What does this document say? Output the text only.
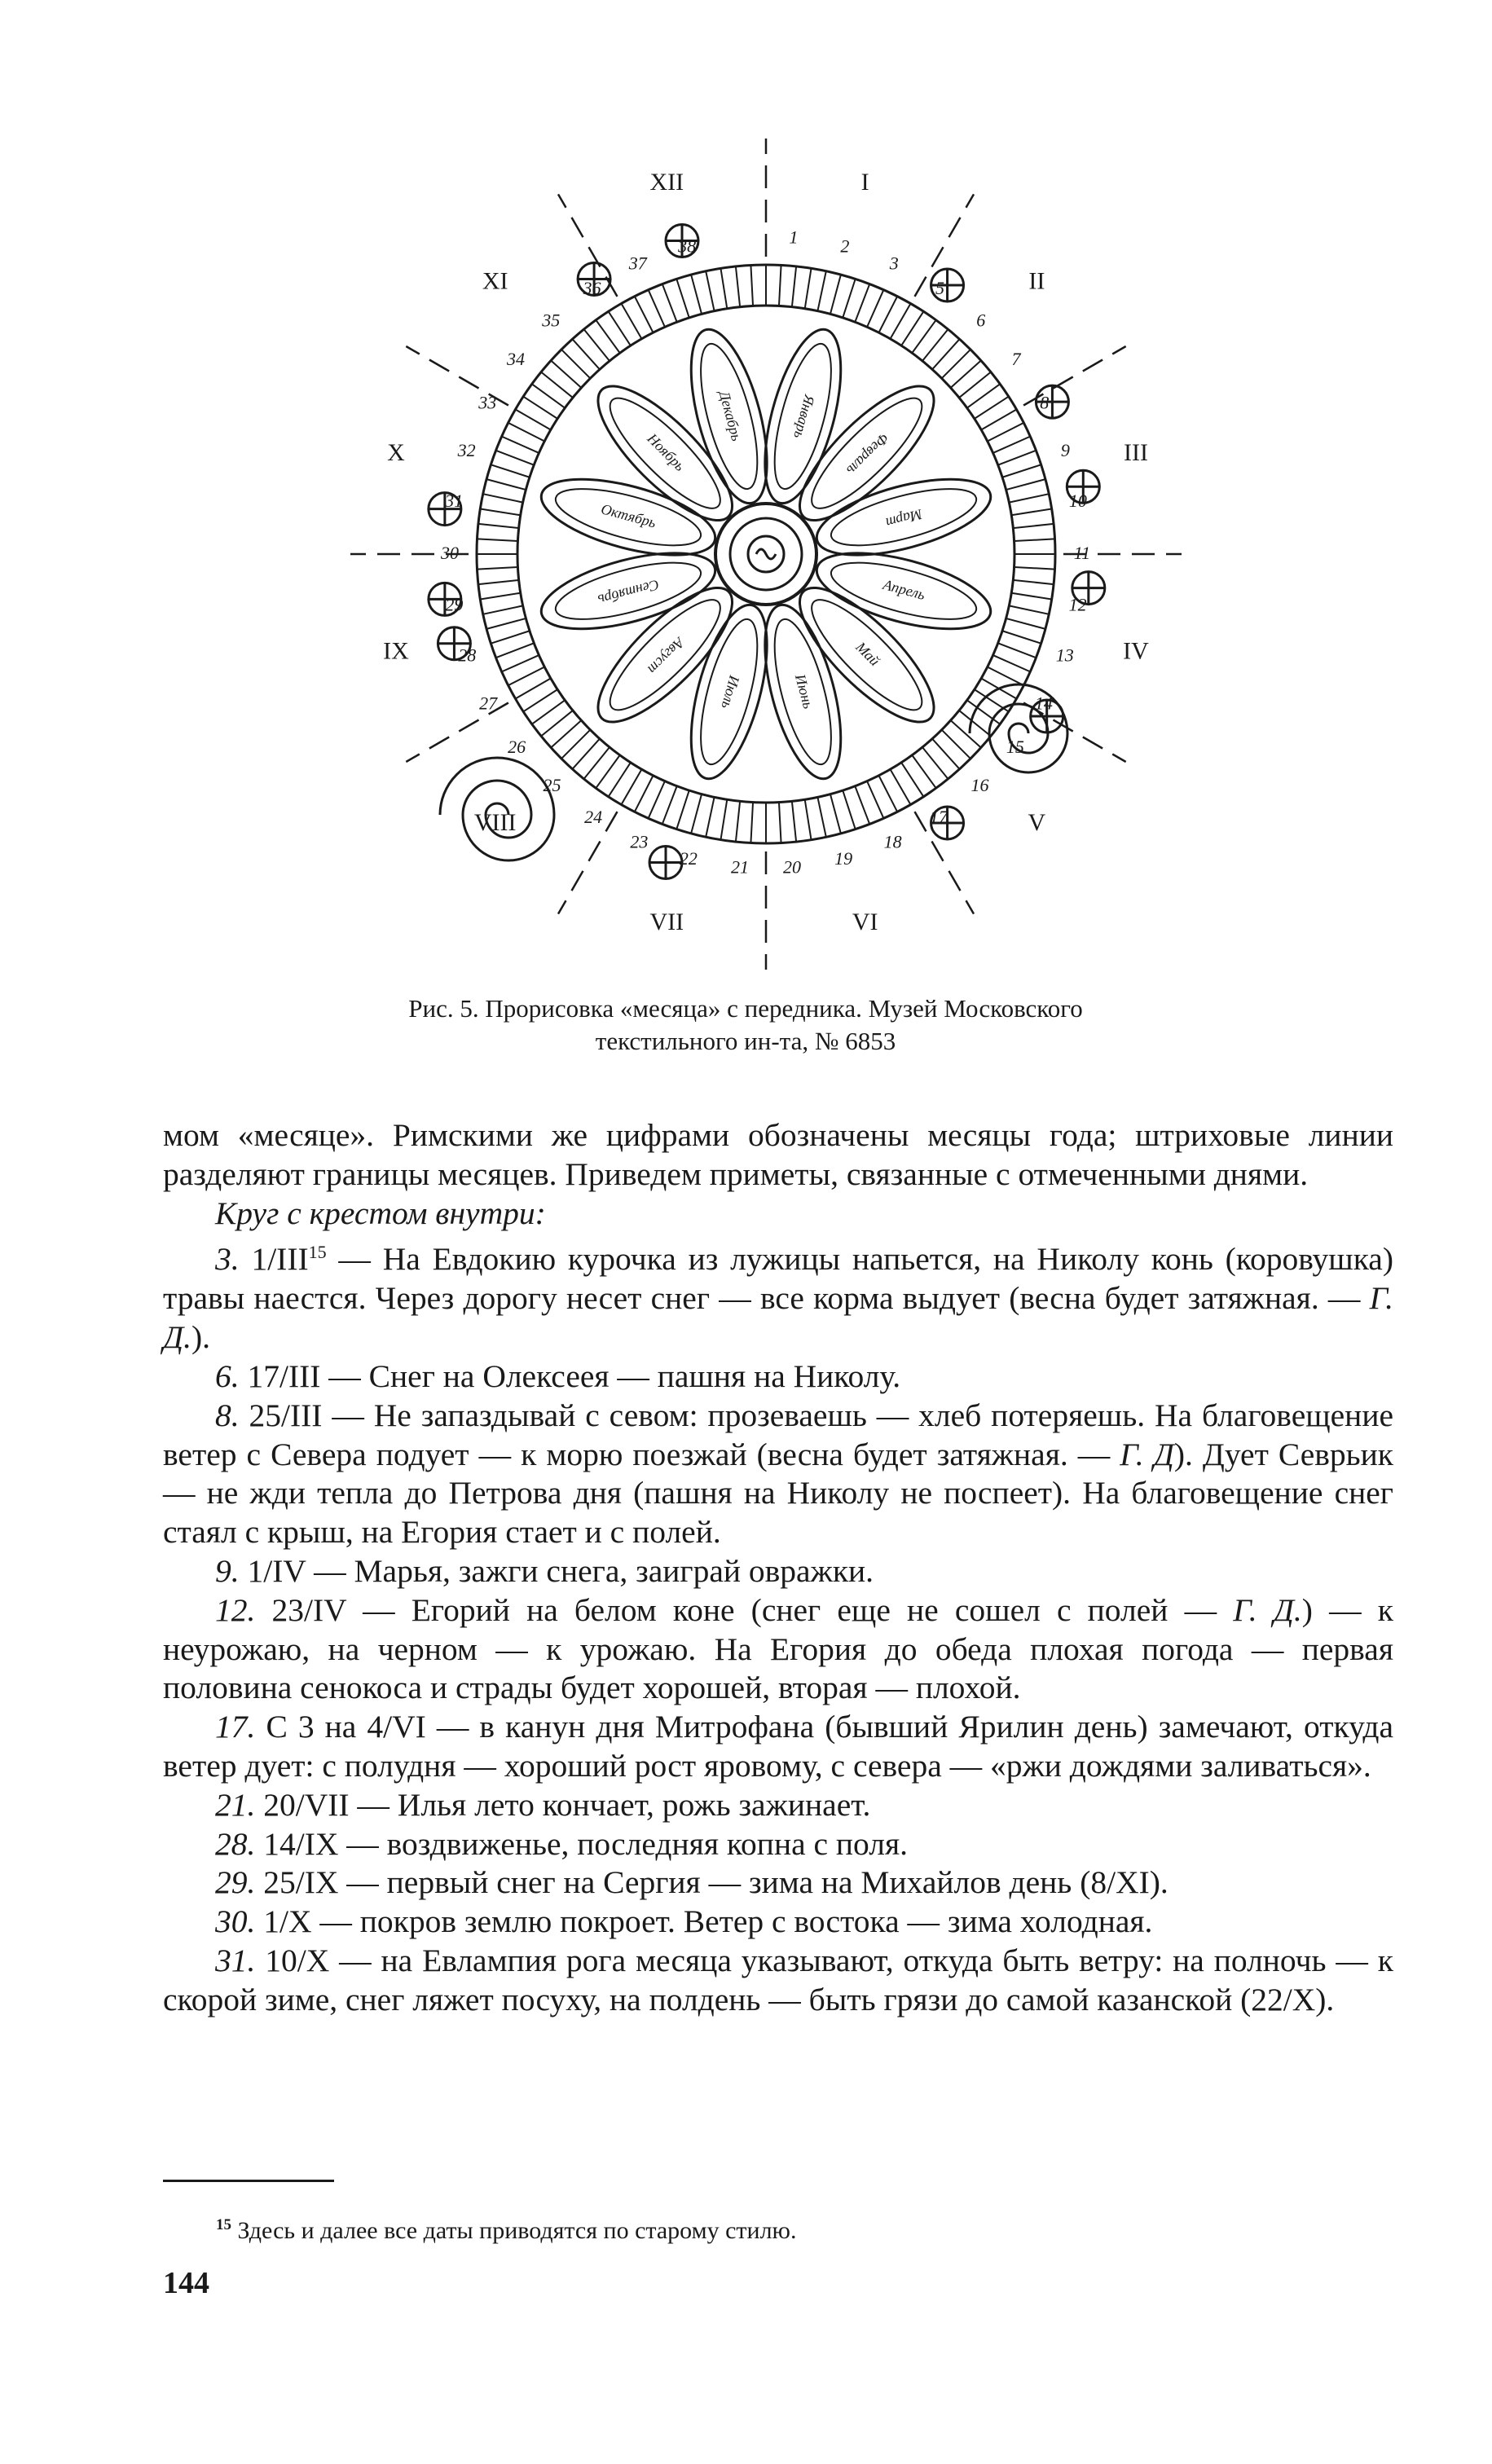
I
II
III
IV
V
VI
VII
VIII
IX
X
XI
XII
1 2
3
5
6
7
8
9
10
11
12
13
14
15
16
17
18
19
20
21
22
23
24
25
26
27
28
29
30
31
32
33
34
35
36
37
38
Январь
Февраль
Март
Апрель
Май
Июнь
Июль
Август
Сентябрь
Октябрь
Ноябрь
Декабрь
Рис. 5. Прорисовка «месяца» с передника. Музей Московского
текстильного ин-та, № 6853

мом «месяце». Римскими же цифрами обозначены месяцы года; штриховые линии разделяют границы месяцев. Приведем приметы, связанные с отмеченными днями.

Круг с крестом внутри:

3. 1/III$^{15}$ — На Евдокию курочка из лужицы напьется, на Николу конь (коровушка) травы наестся. Через дорогу несет снег — все корма выдует (весна будет затяжная. — Г. Д.).

6. 17/III — Снег на Олексеея — пашня на Николу.

8. 25/III — Не запаздывай с севом: прозеваешь — хлеб потеряешь. На благовещение ветер с Севера подует — к морю поезжай (весна будет затяжная. — Г. Д). Дует Севрьик — не жди тепла до Петрова дня (пашня на Николу не поспеет). На благовещение снег стаял с крыш, на Егория стает и с полей.

9. 1/IV — Марья, зажги снега, заиграй овражки.

12. 23/IV — Егорий на белом коне (снег еще не сошел с полей — Г. Д.) — к неурожаю, на черном — к урожаю. На Егория до обеда плохая погода — первая половина сенокоса и страды будет хорошей, вторая — плохой.

17. С 3 на 4/VI — в канун дня Митрофана (бывший Ярилин день) замечают, откуда ветер дует: с полудня — хороший рост яровому, с севера — «ржи дождями заливаться».

21. 20/VII — Илья лето кончает, рожь зажинает.

28. 14/IX — воздвиженье, последняя копна с поля.

29. 25/IX — первый снег на Сергия — зима на Михайлов день (8/XI).

30. 1/X — покров землю покроет. Ветер с востока — зима холодная.

31. 10/X — на Евлампия рога месяца указывают, откуда быть ветру: на полночь — к скорой зиме, снег ляжет посуху, на полдень — быть грязи до самой казанской (22/X).

$^{15}$ Здесь и далее все даты приводятся по старому стилю.
144
